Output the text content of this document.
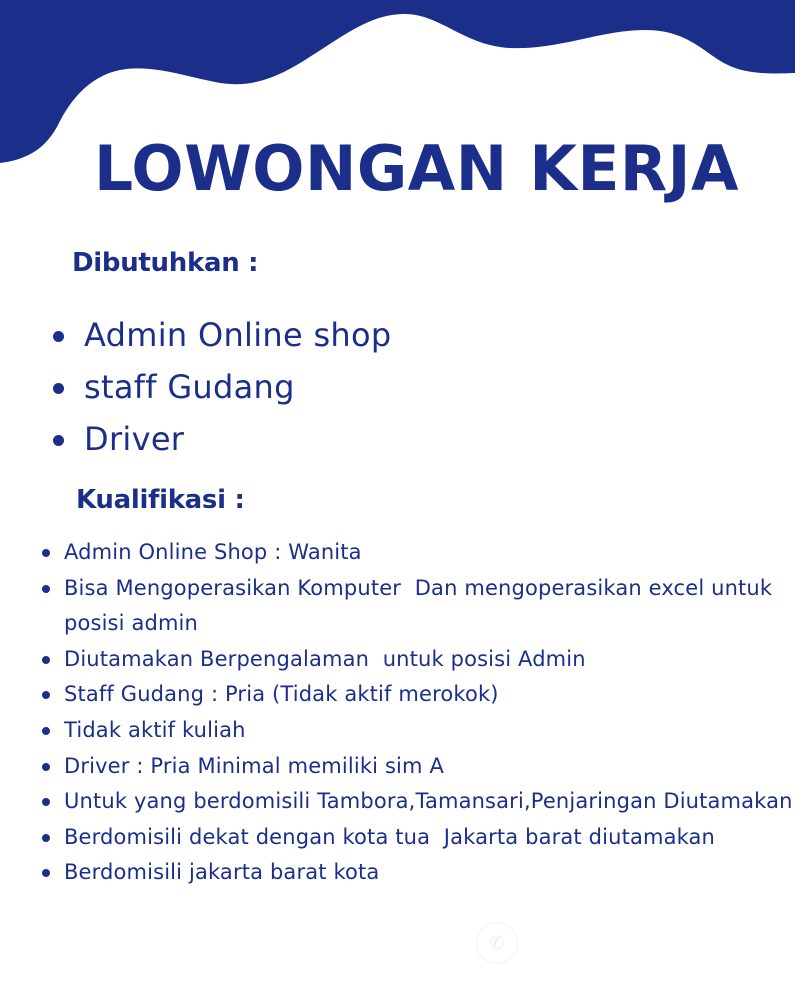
LOWONGAN KERJA
Dibutuhkan :
Admin Online shop
staff Gudang
Driver
Kualifikasi :
Admin Online Shop : Wanita
Bisa Mengoperasikan Komputer  Dan mengoperasikan excel untuk posisi admin
Diutamakan Berpengalaman  untuk posisi Admin
Staff Gudang : Pria (Tidak aktif merokok)
Tidak aktif kuliah
Driver : Pria Minimal memiliki sim A
Untuk yang berdomisili Tambora,Tamansari,Penjaringan Diutamakan
Berdomisili dekat dengan kota tua  Jakarta barat diutamakan
Berdomisili jakarta barat kota
✆
